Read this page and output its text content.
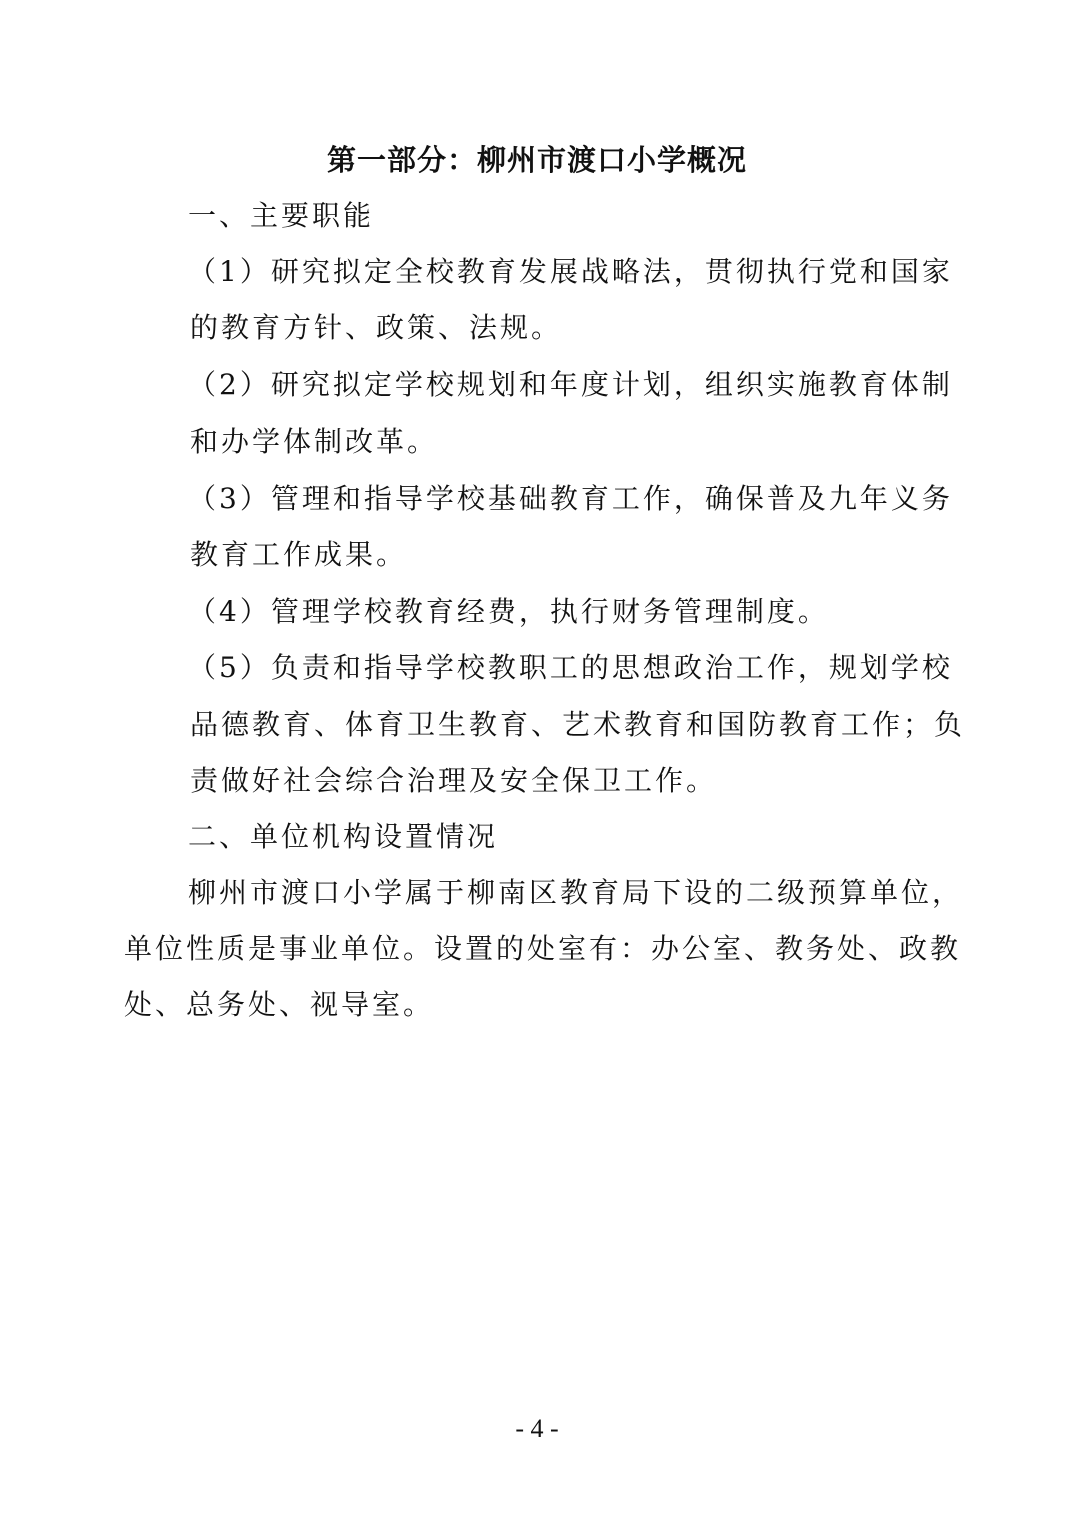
第一部分：柳州市渡口小学概况
一、主要职能
（1）研究拟定全校教育发展战略法，贯彻执行党和国家
的教育方针、政策、法规。
（2）研究拟定学校规划和年度计划，组织实施教育体制
和办学体制改革。
（3）管理和指导学校基础教育工作，确保普及九年义务
教育工作成果。
（4）管理学校教育经费，执行财务管理制度。
（5）负责和指导学校教职工的思想政治工作，规划学校
品德教育、体育卫生教育、艺术教育和国防教育工作；负
责做好社会综合治理及安全保卫工作。
二、单位机构设置情况
柳州市渡口小学属于柳南区教育局下设的二级预算单位，
单位性质是事业单位。设置的处室有：办公室、教务处、政教
处、总务处、视导室。
- 4 -
